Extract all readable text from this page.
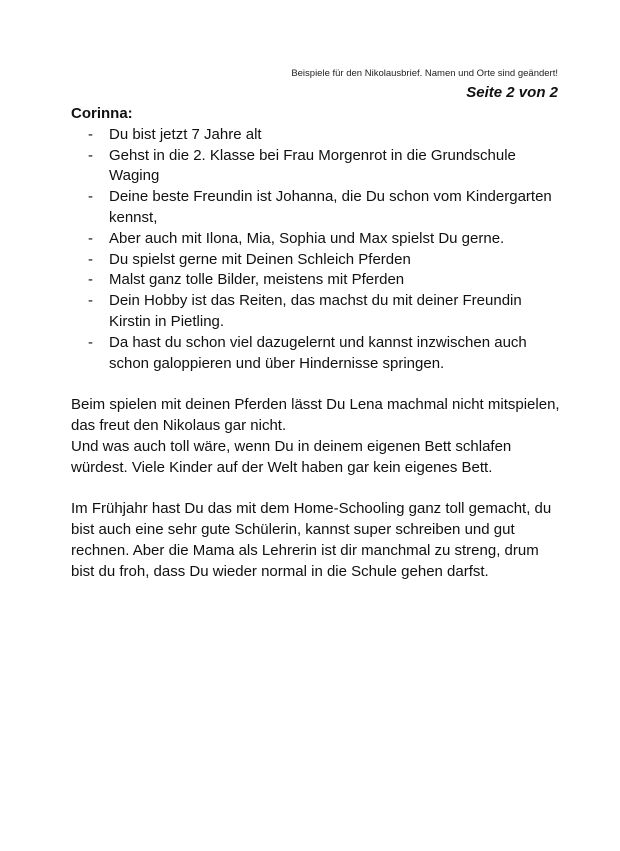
Beispiele für den Nikolausbrief. Namen und Orte sind geändert!
Seite 2 von 2

Corinna:

- Du bist jetzt 7 Jahre alt
- Gehst in die 2. Klasse bei Frau Morgenrot in die Grundschule Waging
- Deine beste Freundin ist Johanna, die Du schon vom Kindergarten kennst,
- Aber auch mit Ilona, Mia, Sophia und Max spielst Du gerne.
- Du spielst gerne mit Deinen Schleich Pferden
- Malst ganz tolle Bilder, meistens mit Pferden
- Dein Hobby ist das Reiten, das machst du mit deiner Freundin Kirstin in Pietling.
- Da hast du schon viel dazugelernt und kannst inzwischen auch schon galoppieren und über Hindernisse springen.

Beim spielen mit deinen Pferden lässt Du Lena machmal nicht mitspielen, das freut den Nikolaus gar nicht.

Und was auch toll wäre, wenn Du in deinem eigenen Bett schlafen würdest. Viele Kinder auf der Welt haben gar kein eigenes Bett.

Im Frühjahr hast Du das mit dem Home-Schooling ganz toll gemacht, du bist auch eine sehr gute Schülerin, kannst super schreiben und gut rechnen. Aber die Mama als Lehrerin ist dir manchmal zu streng, drum bist du froh, dass Du wieder normal in die Schule gehen darfst.
